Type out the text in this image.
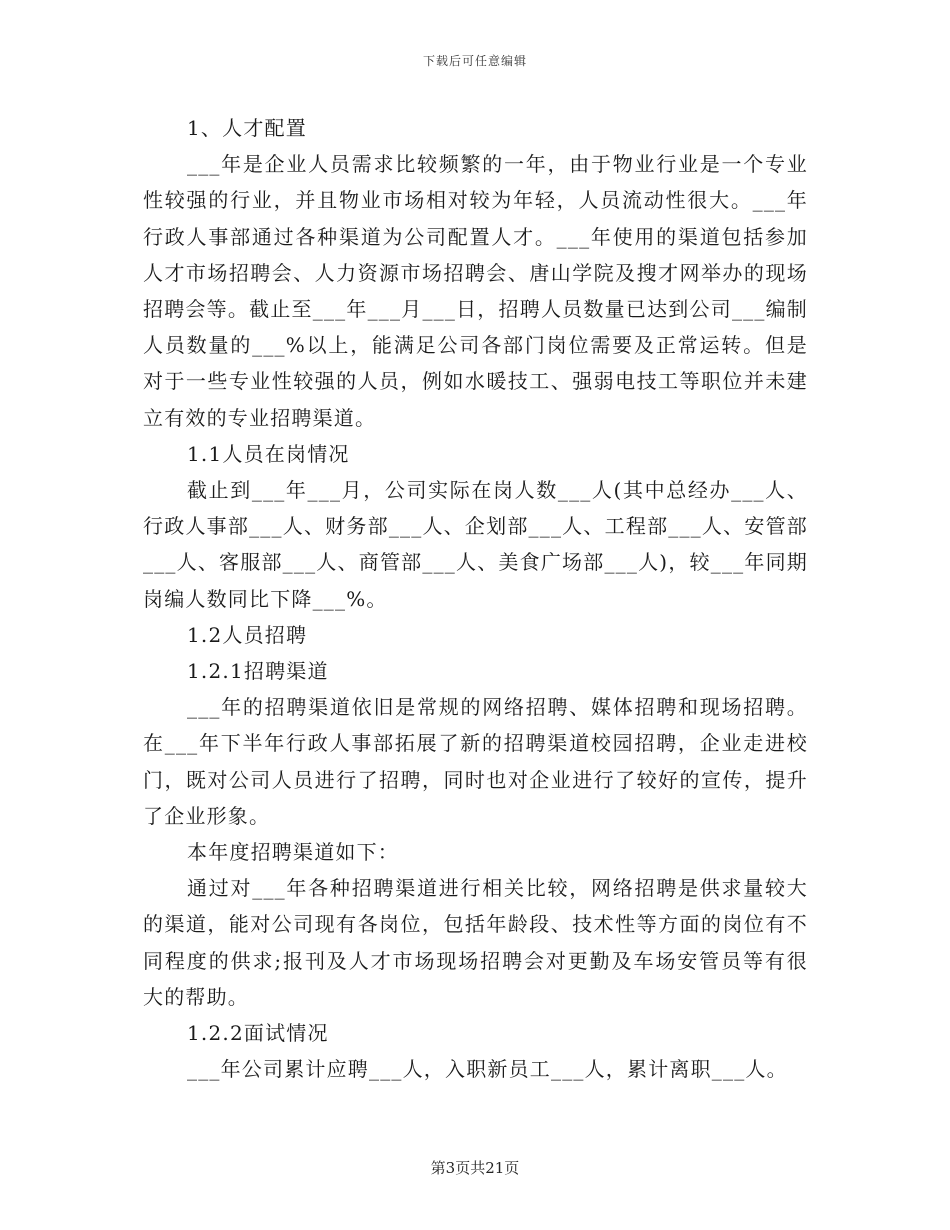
下载后可任意编辑

1、人才配置

___年是企业人员需求比较频繁的一年，由于物业行业是一个专业性较强的行业，并且物业市场相对较为年轻，人员流动性很大。___年行政人事部通过各种渠道为公司配置人才。___年使用的渠道包括参加人才市场招聘会、人力资源市场招聘会、唐山学院及搜才网举办的现场招聘会等。截止至___年___月___日，招聘人员数量已达到公司___编制人员数量的___%以上，能满足公司各部门岗位需要及正常运转。但是对于一些专业性较强的人员，例如水暖技工、强弱电技工等职位并未建立有效的专业招聘渠道。

1.1人员在岗情况

截止到___年___月，公司实际在岗人数___人(其中总经办___人、行政人事部___人、财务部___人、企划部___人、工程部___人、安管部___人、客服部___人、商管部___人、美食广场部___人)，较___年同期岗编人数同比下降___%。

1.2人员招聘

1.2.1招聘渠道

___年的招聘渠道依旧是常规的网络招聘、媒体招聘和现场招聘。在___年下半年行政人事部拓展了新的招聘渠道校园招聘，企业走进校门，既对公司人员进行了招聘，同时也对企业进行了较好的宣传，提升了企业形象。

本年度招聘渠道如下：

通过对___年各种招聘渠道进行相关比较，网络招聘是供求量较大的渠道，能对公司现有各岗位，包括年龄段、技术性等方面的岗位有不同程度的供求;报刊及人才市场现场招聘会对更勤及车场安管员等有很大的帮助。

1.2.2面试情况

___年公司累计应聘___人，入职新员工___人，累计离职___人。

第3页共21页
